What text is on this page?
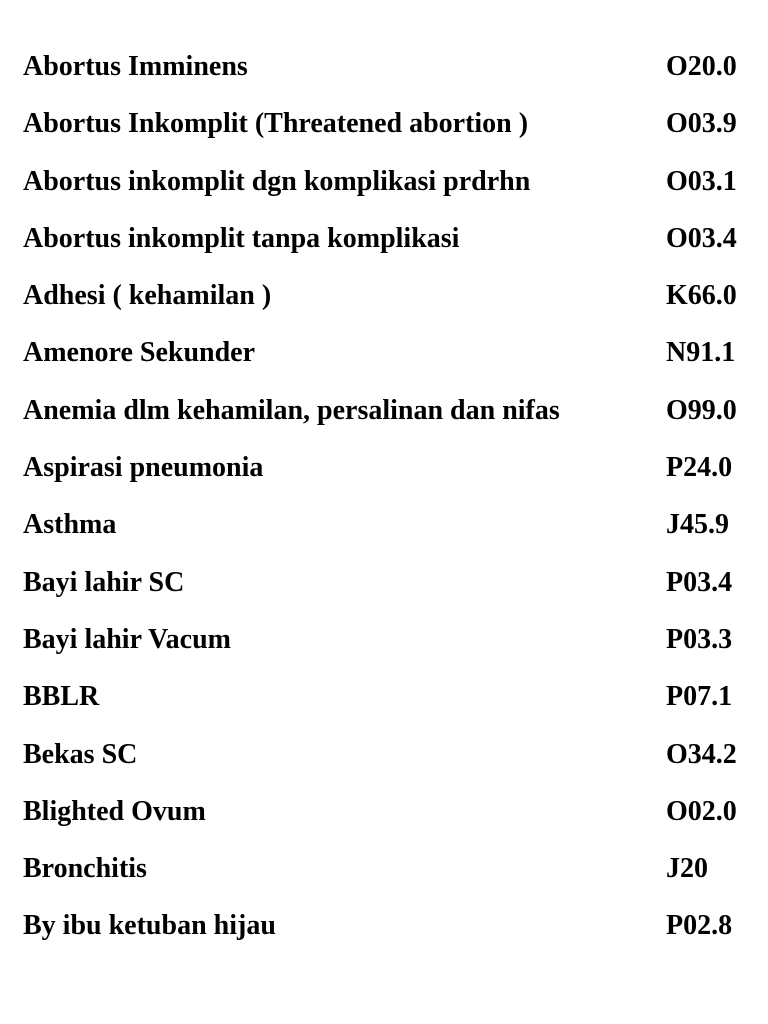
Abortus Imminens	O20.0
Abortus Inkomplit (Threatened abortion )	O03.9
Abortus inkomplit dgn komplikasi prdrhn	O03.1
Abortus inkomplit tanpa komplikasi	O03.4
Adhesi ( kehamilan )	K66.0
Amenore Sekunder	N91.1
Anemia dlm kehamilan, persalinan dan nifas	O99.0
Aspirasi pneumonia	P24.0
Asthma	J45.9
Bayi lahir SC	P03.4
Bayi lahir Vacum	P03.3
BBLR	P07.1
Bekas SC	O34.2
Blighted Ovum	O02.0
Bronchitis	J20
By ibu ketuban hijau	P02.8
